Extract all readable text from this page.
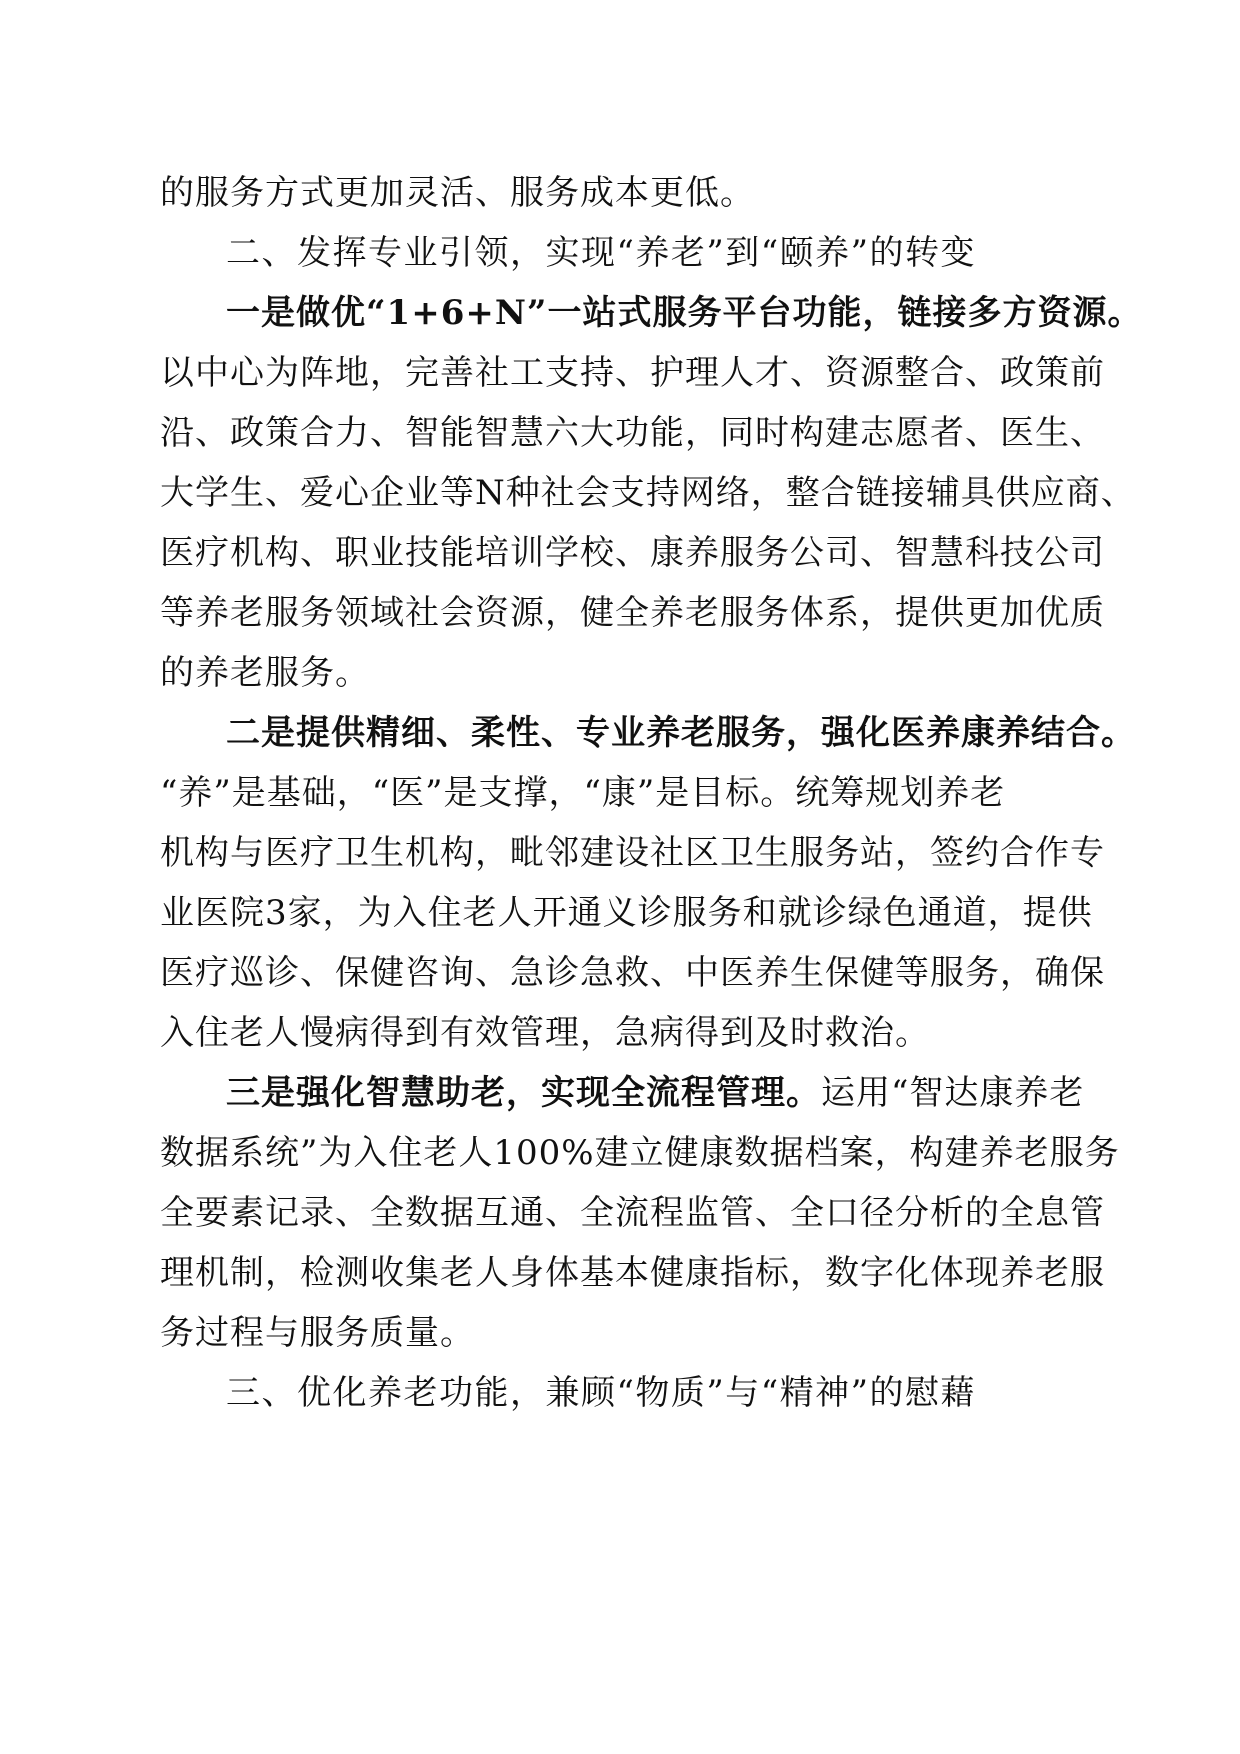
的服务方式更加灵活、服务成本更低。
二、发挥专业引领，实现“养老”到“颐养”的转变
一是做优“1+6+N”一站式服务平台功能，链接多方资源。
以中心为阵地，完善社工支持、护理人才、资源整合、政策前
沿、政策合力、智能智慧六大功能，同时构建志愿者、医生、
大学生、爱心企业等N种社会支持网络，整合链接辅具供应商、
医疗机构、职业技能培训学校、康养服务公司、智慧科技公司
等养老服务领域社会资源，健全养老服务体系，提供更加优质
的养老服务。
二是提供精细、柔性、专业养老服务，强化医养康养结合。
“养”是基础，“医”是支撑，“康”是目标。统筹规划养老
机构与医疗卫生机构，毗邻建设社区卫生服务站，签约合作专
业医院3家，为入住老人开通义诊服务和就诊绿色通道，提供
医疗巡诊、保健咨询、急诊急救、中医养生保健等服务，确保
入住老人慢病得到有效管理，急病得到及时救治。
三是强化智慧助老，实现全流程管理。运用“智达康养老
数据系统”为入住老人100%建立健康数据档案，构建养老服务
全要素记录、全数据互通、全流程监管、全口径分析的全息管
理机制，检测收集老人身体基本健康指标，数字化体现养老服
务过程与服务质量。
三、优化养老功能，兼顾“物质”与“精神”的慰藉
